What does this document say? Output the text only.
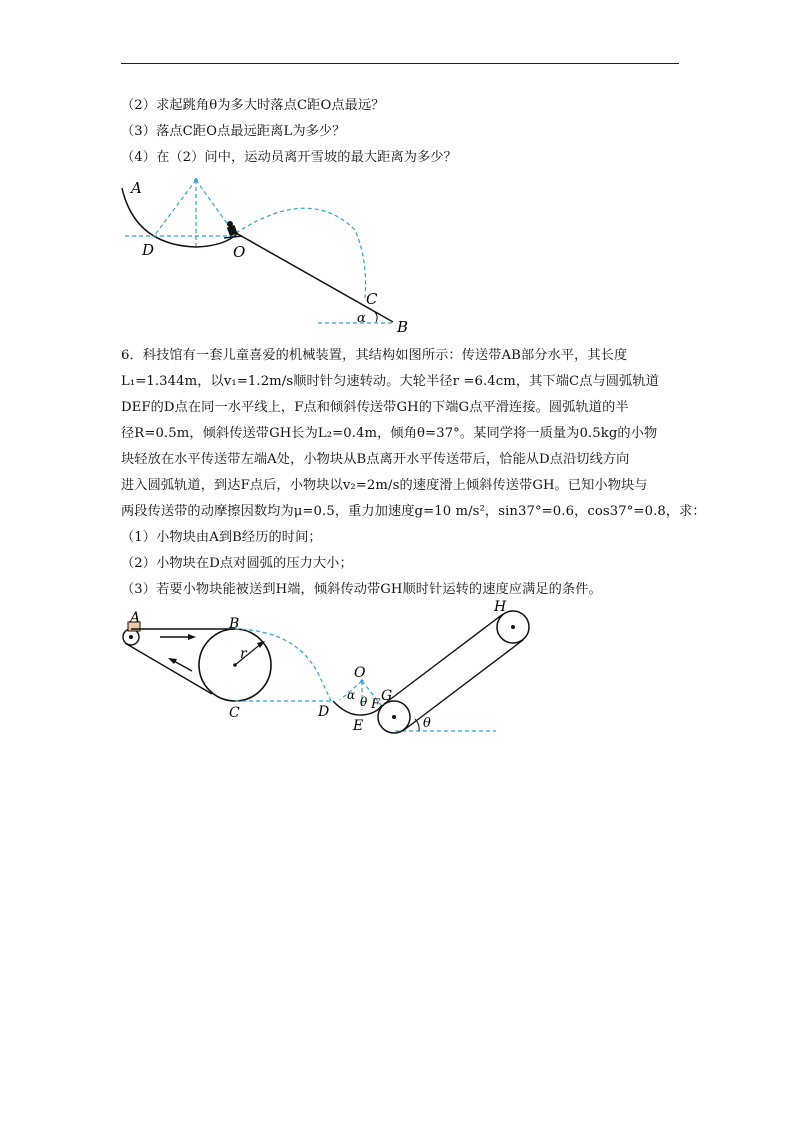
（2）求起跳角θ为多大时落点C距O点最远？
（3）落点C距O点最远距离L为多少？
（4）在（2）问中，运动员离开雪坡的最大距离为多少？
A
D	O
C
α B
6．科技馆有一套儿童喜爱的机械装置，其结构如图所示：传送带AB部分水平，其长度
L₁=1.344m，以v₁=1.2m/s顺时针匀速转动。大轮半径r =6.4cm，其下端C点与圆弧轨道
DEF的D点在同一水平线上，F点和倾斜传送带GH的下端G点平滑连接。圆弧轨道的半
径R=0.5m，倾斜传送带GH长为L₂=0.4m，倾角θ=37°。某同学将一质量为0.5kg的小物
块轻放在水平传送带左端A处，小物块从B点离开水平传送带后，恰能从D点沿切线方向
进入圆弧轨道，到达F点后，小物块以v₂=2m/s的速度滑上倾斜传送带GH。已知小物块与
两段传送带的动摩擦因数均为μ=0.5，重力加速度g=10 m/s²，sin37°=0.6，cos37°=0.8，求：
（1）小物块由A到B经历的时间；
（2）小物块在D点对圆弧的压力大小；
（3）若要小物块能被送到H端，倾斜传动带GH顺时针运转的速度应满足的条件。
A	B
C
r
O
α θ F
G
D
E
H
θ
